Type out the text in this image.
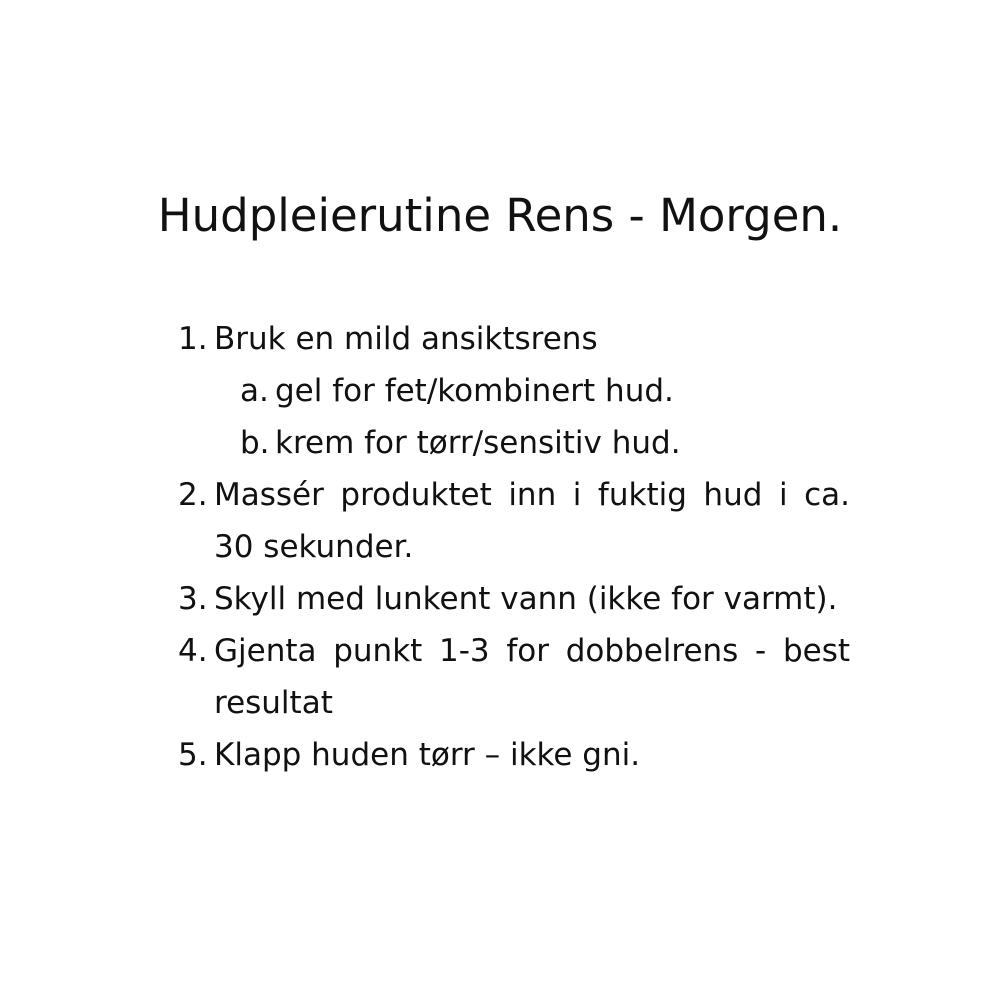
Hudpleierutine Rens - Morgen.
1. Bruk en mild ansiktsrens
a. gel for fet/kombinert hud.
b. krem for tørr/sensitiv hud.
2. Massér produktet inn i fuktig hud i ca. 30 sekunder.
3. Skyll med lunkent vann (ikke for varmt).
4. Gjenta punkt 1-3 for dobbelrens - best resultat
5. Klapp huden tørr – ikke gni.
